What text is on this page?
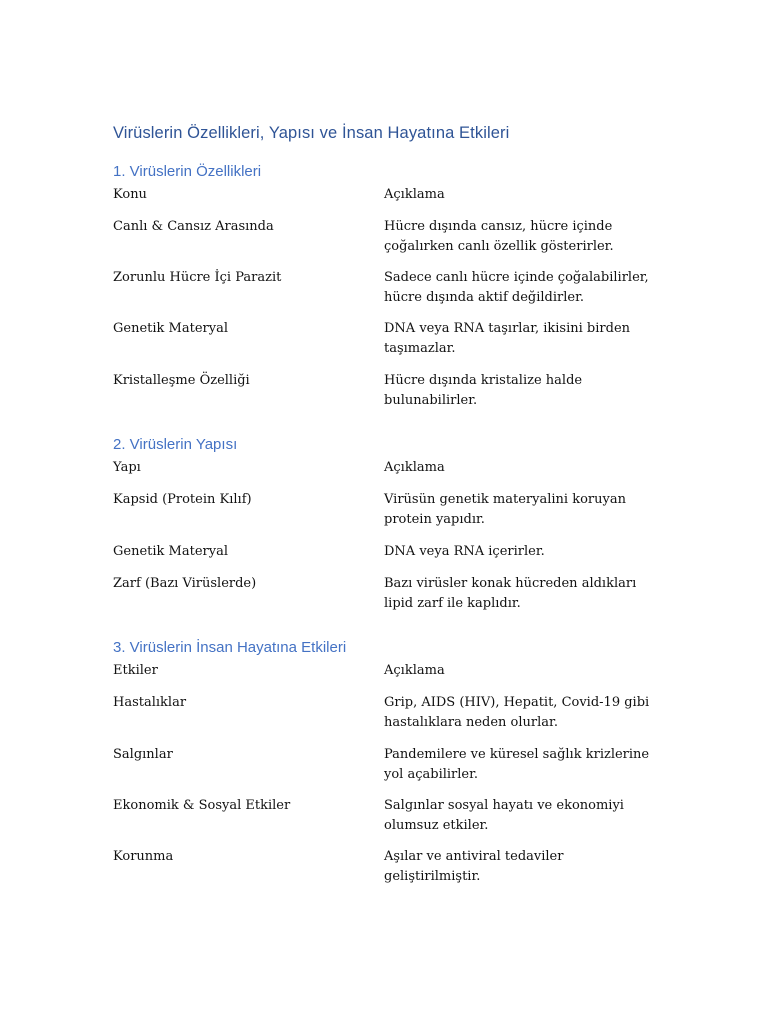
Virüslerin Özellikleri, Yapısı ve İnsan Hayatına Etkileri
1. Virüslerin Özellikleri
Konu	Açıklama
Canlı & Cansız Arasında	Hücre dışında cansız, hücre içinde çoğalırken canlı özellik gösterirler.
Zorunlu Hücre İçi Parazit	Sadece canlı hücre içinde çoğalabilirler, hücre dışında aktif değildirler.
Genetik Materyal	DNA veya RNA taşırlar, ikisini birden taşımazlar.
Kristalleşme Özelliği	Hücre dışında kristalize halde bulunabilirler.
2. Virüslerin Yapısı
Yapı	Açıklama
Kapsid (Protein Kılıf)	Virüsün genetik materyalini koruyan protein yapıdır.
Genetik Materyal	DNA veya RNA içerirler.
Zarf (Bazı Virüslerde)	Bazı virüsler konak hücreden aldıkları lipid zarf ile kaplıdır.
3. Virüslerin İnsan Hayatına Etkileri
Etkiler	Açıklama
Hastalıklar	Grip, AIDS (HIV), Hepatit, Covid-19 gibi hastalıklara neden olurlar.
Salgınlar	Pandemilere ve küresel sağlık krizlerine yol açabilirler.
Ekonomik & Sosyal Etkiler	Salgınlar sosyal hayatı ve ekonomiyi olumsuz etkiler.
Korunma	Aşılar ve antiviral tedaviler geliştirilmiştir.
